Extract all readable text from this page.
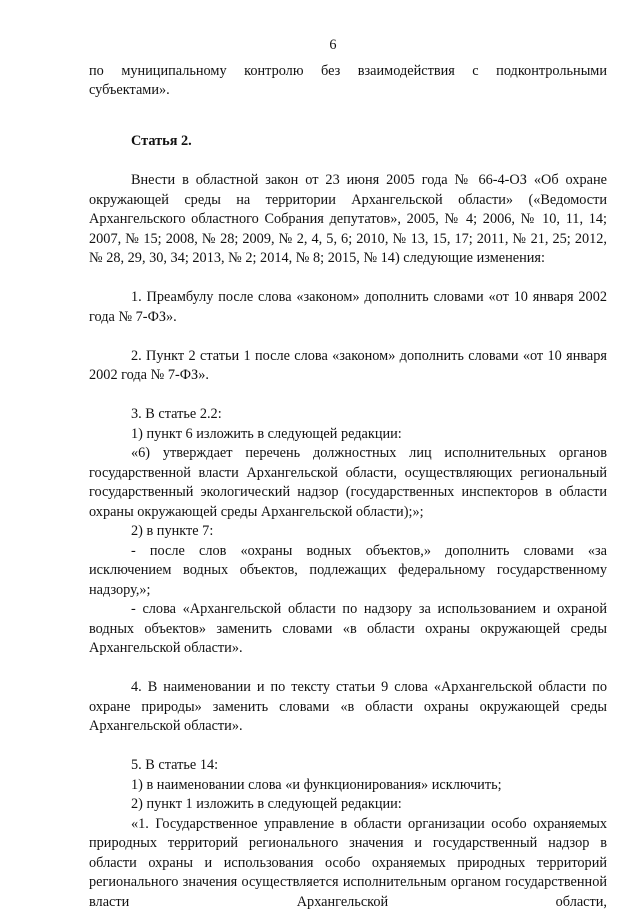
6

по муниципальному контролю без взаимодействия с подконтрольными субъектами».

Статья 2.

Внести в областной закон от 23 июня 2005 года № 66-4-ОЗ «Об охране окружающей среды на территории Архангельской области» («Ведомости Архангельского областного Собрания депутатов», 2005, № 4; 2006, № 10, 11, 14; 2007, № 15; 2008, № 28; 2009, № 2, 4, 5, 6; 2010, № 13, 15, 17; 2011, № 21, 25; 2012, № 28, 29, 30, 34; 2013, № 2; 2014, № 8; 2015, № 14) следующие изменения:

1. Преамбулу после слова «законом» дополнить словами «от 10 января 2002 года № 7-ФЗ».

2. Пункт 2 статьи 1 после слова «законом» дополнить словами «от 10 января 2002 года № 7-ФЗ».

3. В статье 2.2:

1) пункт 6 изложить в следующей редакции:

«6) утверждает перечень должностных лиц исполнительных органов государственной власти Архангельской области, осуществляющих региональный государственный экологический надзор (государственных инспекторов в области охраны окружающей среды Архангельской области);»;

2) в пункте 7:

- после слов «охраны водных объектов,» дополнить словами «за исключением водных объектов, подлежащих федеральному государственному надзору,»;

- слова «Архангельской области по надзору за использованием и охраной водных объектов» заменить словами «в области охраны окружающей среды Архангельской области».

4. В наименовании и по тексту статьи 9 слова «Архангельской области по охране природы» заменить словами «в области охраны окружающей среды Архангельской области».

5. В статье 14:

1) в наименовании слова «и функционирования» исключить;

2) пункт 1 изложить в следующей редакции:

«1. Государственное управление в области организации особо охраняемых природных территорий регионального значения и государственный надзор в области охраны и использования особо охраняемых природных территорий регионального значения осуществляется исполнительным органом государственной власти Архангельской области,
